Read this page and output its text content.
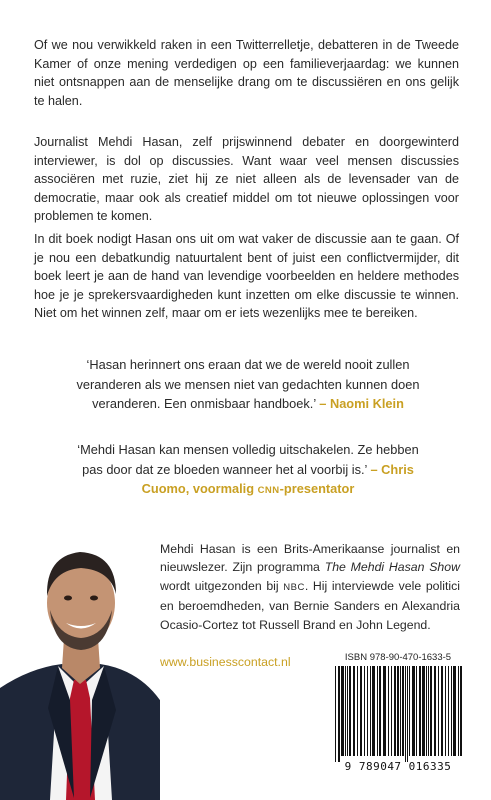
Of we nou verwikkeld raken in een Twitterrelletje, debatteren in de Tweede Kamer of onze mening verdedigen op een familieverjaardag: we kunnen niet ontsnappen aan de menselijke drang om te discussiëren en ons gelijk te halen.

Journalist Mehdi Hasan, zelf prijswinnend debater en doorgewinterd interviewer, is dol op discussies. Want waar veel mensen discussies associëren met ruzie, ziet hij ze niet alleen als de levensader van de democratie, maar ook als creatief middel om tot nieuwe oplossingen voor problemen te komen.

In dit boek nodigt Hasan ons uit om wat vaker de discussie aan te gaan. Of je nou een debatkundig natuurtalent bent of juist een conflictvermijder, dit boek leert je aan de hand van levendige voorbeelden en heldere methodes hoe je je sprekersvaardigheden kunt inzetten om elke discussie te winnen. Niet om het winnen zelf, maar om er iets wezenlijks mee te bereiken.

‘Hasan herinnert ons eraan dat we de wereld nooit zullen veranderen als we mensen niet van gedachten kunnen doen veranderen. Een onmisbaar handboek.’ – Naomi Klein

‘Mehdi Hasan kan mensen volledig uitschakelen. Ze hebben pas door dat ze bloeden wanneer het al voorbij is.’ – Chris Cuomo, voormalig CNN-presentator

Mehdi Hasan is een Brits-Amerikaanse journalist en nieuwslezer. Zijn programma The Mehdi Hasan Show wordt uitgezonden bij NBC. Hij interviewde vele politici en beroemdheden, van Bernie Sanders en Alexandria Ocasio-Cortez tot Russell Brand en John Legend.

www.businesscontact.nl	ISBN 978-90-470-1633-5
9 789047 016335
